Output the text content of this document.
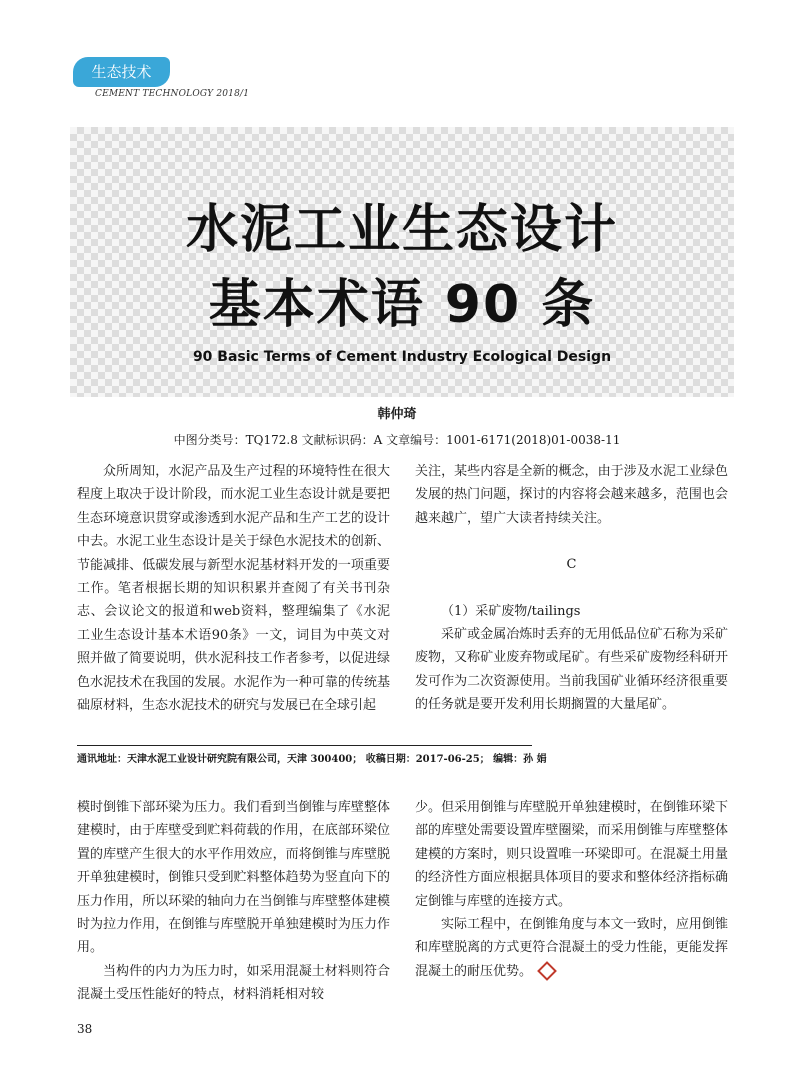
生态技术
CEMENT TECHNOLOGY 2018/1
水泥工业生态设计
基本术语 90 条
90 Basic Terms of Cement Industry Ecological Design
韩仲琦
中图分类号：TQ172.8 文献标识码：A 文章编号：1001-6171(2018)01-0038-11

众所周知，水泥产品及生产过程的环境特性在很大程度上取决于设计阶段，而水泥工业生态设计就是要把生态环境意识贯穿或渗透到水泥产品和生产工艺的设计中去。水泥工业生态设计是关于绿色水泥技术的创新、节能减排、低碳发展与新型水泥基材料开发的一项重要工作。笔者根据长期的知识积累并查阅了有关书刊杂志、会议论文的报道和web资料，整理编集了《水泥工业生态设计基本术语90条》一文，词目为中英文对照并做了简要说明，供水泥科技工作者参考，以促进绿色水泥技术在我国的发展。水泥作为一种可靠的传统基础原材料，生态水泥技术的研究与发展已在全球引起

关注，某些内容是全新的概念，由于涉及水泥工业绿色发展的热门问题，探讨的内容将会越来越多，范围也会越来越广，望广大读者持续关注。

C

（1）采矿废物/tailings

采矿或金属冶炼时丢弃的无用低品位矿石称为采矿废物，又称矿业废弃物或尾矿。有些采矿废物经科研开发可作为二次资源使用。当前我国矿业循环经济很重要的任务就是要开发利用长期搁置的大量尾矿。

通讯地址：天津水泥工业设计研究院有限公司，天津 300400； 收稿日期：2017-06-25； 编辑：孙 娟

模时倒锥下部环梁为压力。我们看到当倒锥与库壁整体建模时，由于库壁受到贮料荷载的作用，在底部环梁位置的库壁产生很大的水平作用效应，而将倒锥与库壁脱开单独建模时，倒锥只受到贮料整体趋势为竖直向下的压力作用，所以环梁的轴向力在当倒锥与库壁整体建模时为拉力作用，在倒锥与库壁脱开单独建模时为压力作用。

当构件的内力为压力时，如采用混凝土材料则符合混凝土受压性能好的特点，材料消耗相对较

少。但采用倒锥与库壁脱开单独建模时，在倒锥环梁下部的库壁处需要设置库壁圈梁，而采用倒锥与库壁整体建模的方案时，则只设置唯一环梁即可。在混凝土用量的经济性方面应根据具体项目的要求和整体经济指标确定倒锥与库壁的连接方式。

实际工程中，在倒锥角度与本文一致时，应用倒锥和库壁脱离的方式更符合混凝土的受力性能，更能发挥混凝土的耐压优势。

38
